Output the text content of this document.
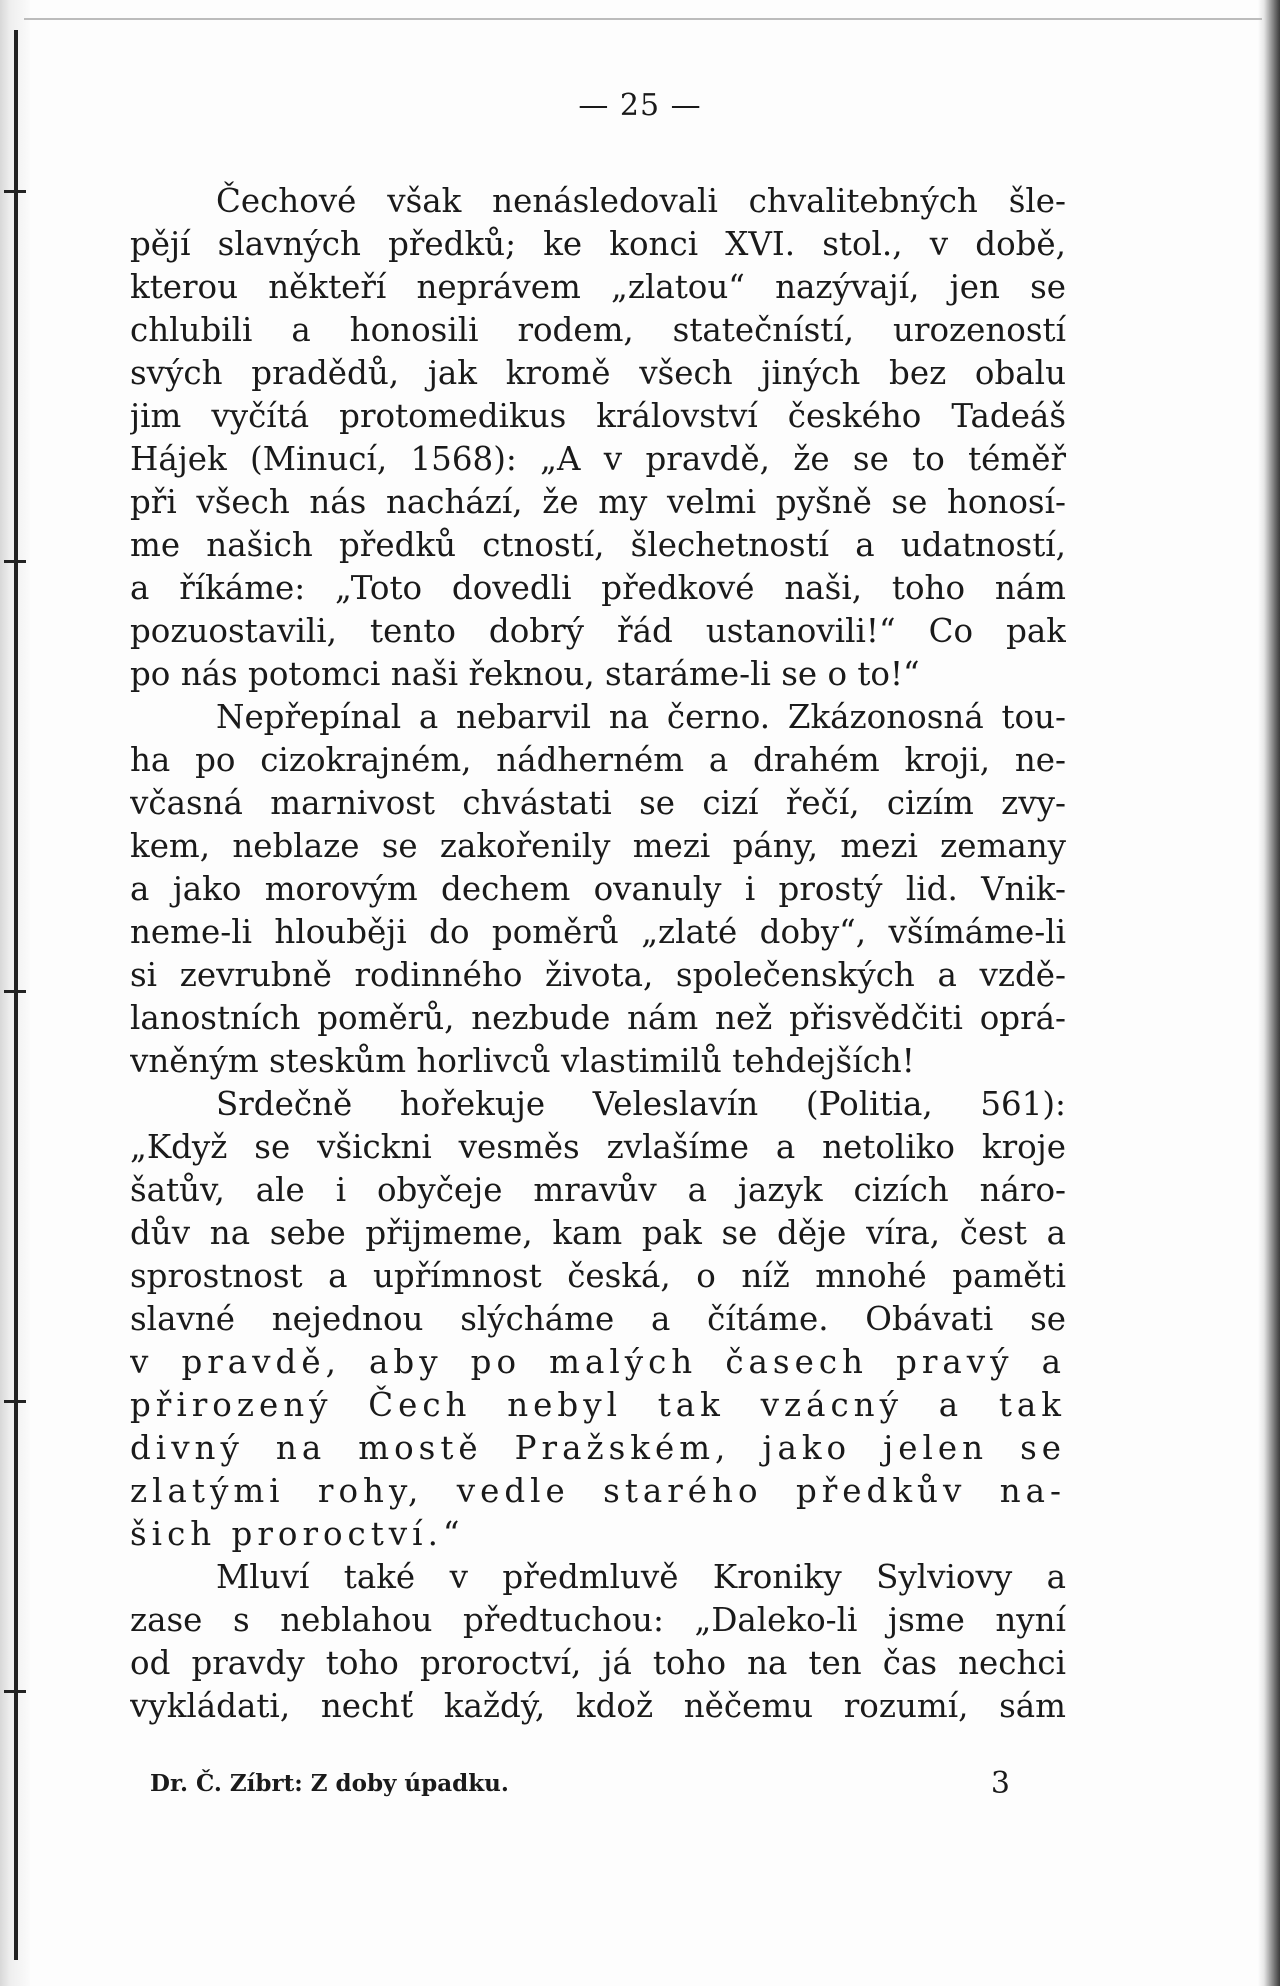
— 25 —
Čechové však nenásledovali chvalitebných šle-
pějí slavných předků; ke konci XVI. stol., v době,
kterou někteří neprávem „zlatou“ nazývají, jen se
chlubili a honosili rodem, statečnístí, urozeností
svých pradědů, jak kromě všech jiných bez obalu
jim vyčítá protomedikus království českého Tadeáš
Hájek (Minucí, 1568): „A v pravdě, že se to téměř
při všech nás nachází, že my velmi pyšně se honosí-
me našich předků ctností, šlechetností a udatností,
a říkáme: „Toto dovedli předkové naši, toho nám
pozuostavili, tento dobrý řád ustanovili!“ Co pak
po nás potomci naši řeknou, staráme-li se o to!“
Nepřepínal a nebarvil na černo. Zkázonosná tou-
ha po cizokrajném, nádherném a drahém kroji, ne-
včasná marnivost chvástati se cizí řečí, cizím zvy-
kem, neblaze se zakořenily mezi pány, mezi zemany
a jako morovým dechem ovanuly i prostý lid. Vnik-
neme-li hlouběji do poměrů „zlaté doby“, všímáme-li
si zevrubně rodinného života, společenských a vzdě-
lanostních poměrů, nezbude nám než přisvědčiti oprá-
vněným steskům horlivců vlastimilů tehdejších!
Srdečně hořekuje Veleslavín (Politia, 561):
„Když se všickni vesměs zvlašíme a netoliko kroje
šatův, ale i obyčeje mravův a jazyk cizích náro-
dův na sebe přijmeme, kam pak se děje víra, čest a
sprostnost a upřímnost česká, o níž mnohé paměti
slavné nejednou slýcháme a čítáme. Obávati se
v pravdě, aby po malých časech pravý a
přirozený Čech nebyl tak vzácný a tak
divný na mostě Pražském, jako jelen se
zlatými rohy, vedle starého předkův na-
šich proroctví.“
Mluví také v předmluvě Kroniky Sylviovy a
zase s neblahou předtuchou: „Daleko-li jsme nyní
od pravdy toho proroctví, já toho na ten čas nechci
vykládati, nechť každý, kdož něčemu rozumí, sám
Dr. Č. Zíbrt: Z doby úpadku.	3
